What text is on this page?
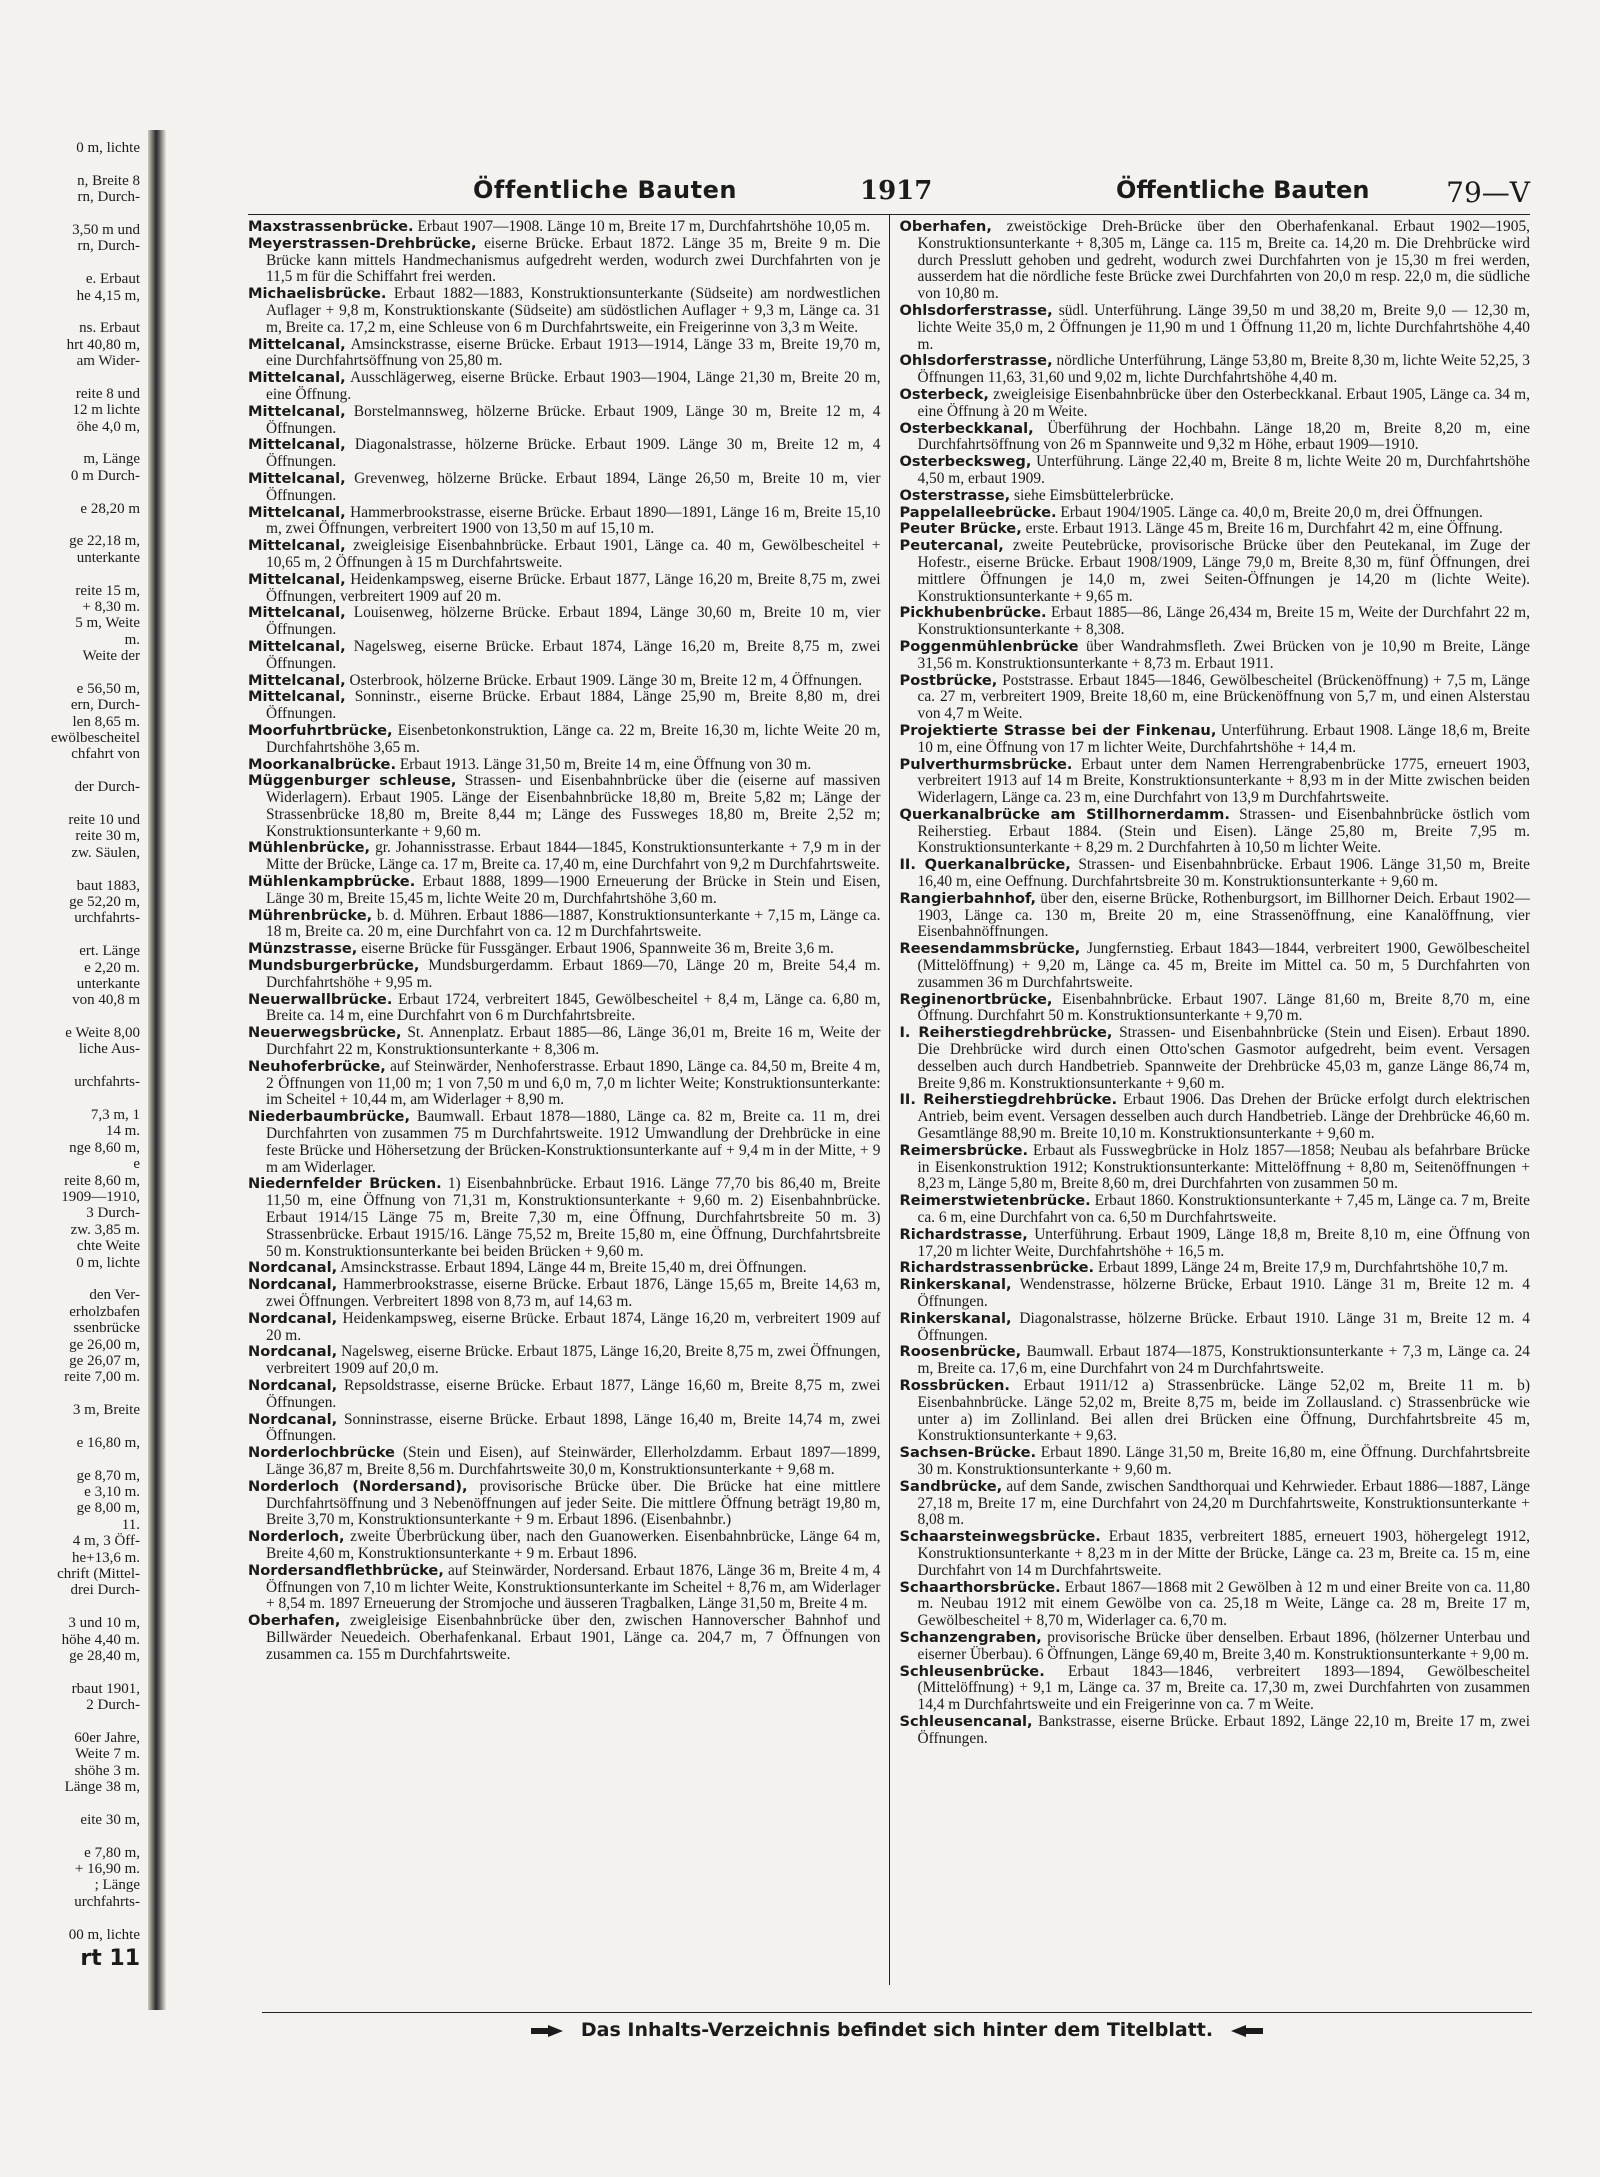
0 m, lichte
n, Breite 8
rn, Durch-
3,50 m und
rn, Durch-
e. Erbaut
he 4,15 m,
ns. Erbaut
hrt 40,80 m,
am Wider-
reite 8 und
12 m lichte
öhe 4,0 m,
m, Länge
0 m Durch-
e 28,20 m
ge 22,18 m,
unterkante
reite 15 m,
+ 8,30 m.
5 m, Weite
m.
Weite der
e 56,50 m,
ern, Durch-
len 8,65 m.
ewölbescheitel
chfahrt von
der Durch-
reite 10 und
reite 30 m,
zw. Säulen,
baut 1883,
ge 52,20 m,
urchfahrts-
ert. Länge
e 2,20 m.
unterkante
von 40,8 m
e Weite 8,00
liche Aus-
urchfahrts-
7,3 m, 1
14 m.
nge 8,60 m,
e
reite 8,60 m,
1909—1910,
3 Durch-
zw. 3,85 m.
chte Weite
0 m, lichte
den Ver-
erholzbafen
ssenbrücke
ge 26,00 m,
ge 26,07 m,
reite 7,00 m.
3 m, Breite
e 16,80 m,
ge 8,70 m,
e 3,10 m.
ge 8,00 m,
11.
4 m, 3 Öff-
he+13,6 m.
chrift (Mittel-
drei Durch-
3 und 10 m,
höhe 4,40 m.
ge 28,40 m,
rbaut 1901,
2 Durch-
60er Jahre,
Weite 7 m.
shöhe 3 m.
Länge 38 m,
eite 30 m,
e 7,80 m,
+ 16,90 m.
; Länge
urchfahrts-
00 m, lichte
rt 11
Öffentliche Bauten	1917	Öffentliche Bauten	79—V

Maxstrassenbrücke. Erbaut 1907—1908. Länge 10 m, Breite 17 m, Durchfahrtshöhe 10,05 m.

Meyerstrassen-Drehbrücke, eiserne Brücke. Erbaut 1872. Länge 35 m, Breite 9 m. Die Brücke kann mittels Handmechanismus aufgedreht werden, wodurch zwei Durchfahrten von je 11,5 m für die Schiffahrt frei werden.

Michaelisbrücke. Erbaut 1882—1883, Konstruktionsunterkante (Südseite) am nordwestlichen Auflager + 9,8 m, Konstruktionskante (Südseite) am südöstlichen Auflager + 9,3 m, Länge ca. 31 m, Breite ca. 17,2 m, eine Schleuse von 6 m Durchfahrtsweite, ein Freigerinne von 3,3 m Weite.

Mittelcanal, Amsinckstrasse, eiserne Brücke. Erbaut 1913—1914, Länge 33 m, Breite 19,70 m, eine Durchfahrtsöffnung von 25,80 m.

Mittelcanal, Ausschlägerweg, eiserne Brücke. Erbaut 1903—1904, Länge 21,30 m, Breite 20 m, eine Öffnung.

Mittelcanal, Borstelmannsweg, hölzerne Brücke. Erbaut 1909, Länge 30 m, Breite 12 m, 4 Öffnungen.

Mittelcanal, Diagonalstrasse, hölzerne Brücke. Erbaut 1909. Länge 30 m, Breite 12 m, 4 Öffnungen.

Mittelcanal, Grevenweg, hölzerne Brücke. Erbaut 1894, Länge 26,50 m, Breite 10 m, vier Öffnungen.

Mittelcanal, Hammerbrookstrasse, eiserne Brücke. Erbaut 1890—1891, Länge 16 m, Breite 15,10 m, zwei Öffnungen, verbreitert 1900 von 13,50 m auf 15,10 m.

Mittelcanal, zweigleisige Eisenbahnbrücke. Erbaut 1901, Länge ca. 40 m, Gewölbescheitel + 10,65 m, 2 Öffnungen à 15 m Durchfahrtsweite.

Mittelcanal, Heidenkampsweg, eiserne Brücke. Erbaut 1877, Länge 16,20 m, Breite 8,75 m, zwei Öffnungen, verbreitert 1909 auf 20 m.

Mittelcanal, Louisenweg, hölzerne Brücke. Erbaut 1894, Länge 30,60 m, Breite 10 m, vier Öffnungen.

Mittelcanal, Nagelsweg, eiserne Brücke. Erbaut 1874, Länge 16,20 m, Breite 8,75 m, zwei Öffnungen.

Mittelcanal, Osterbrook, hölzerne Brücke. Erbaut 1909. Länge 30 m, Breite 12 m, 4 Öffnungen.

Mittelcanal, Sonninstr., eiserne Brücke. Erbaut 1884, Länge 25,90 m, Breite 8,80 m, drei Öffnungen.

Moorfuhrtbrücke, Eisenbetonkonstruktion, Länge ca. 22 m, Breite 16,30 m, lichte Weite 20 m, Durchfahrtshöhe 3,65 m.

Moorkanalbrücke. Erbaut 1913. Länge 31,50 m, Breite 14 m, eine Öffnung von 30 m.

Müggenburger schleuse, Strassen- und Eisenbahnbrücke über die (eiserne auf massiven Widerlagern). Erbaut 1905. Länge der Eisenbahnbrücke 18,80 m, Breite 5,82 m; Länge der Strassenbrücke 18,80 m, Breite 8,44 m; Länge des Fussweges 18,80 m, Breite 2,52 m; Konstruktionsunterkante + 9,60 m.

Mühlenbrücke, gr. Johannisstrasse. Erbaut 1844—1845, Konstruktionsunterkante + 7,9 m in der Mitte der Brücke, Länge ca. 17 m, Breite ca. 17,40 m, eine Durchfahrt von 9,2 m Durchfahrtsweite.

Mühlenkampbrücke. Erbaut 1888, 1899—1900 Erneuerung der Brücke in Stein und Eisen, Länge 30 m, Breite 15,45 m, lichte Weite 20 m, Durchfahrtshöhe 3,60 m.

Mührenbrücke, b. d. Mühren. Erbaut 1886—1887, Konstruktionsunterkante + 7,15 m, Länge ca. 18 m, Breite ca. 20 m, eine Durchfahrt von ca. 12 m Durchfahrtsweite.

Münzstrasse, eiserne Brücke für Fussgänger. Erbaut 1906, Spannweite 36 m, Breite 3,6 m.

Mundsburgerbrücke, Mundsburgerdamm. Erbaut 1869—70, Länge 20 m, Breite 54,4 m. Durchfahrtshöhe + 9,95 m.

Neuerwallbrücke. Erbaut 1724, verbreitert 1845, Gewölbescheitel + 8,4 m, Länge ca. 6,80 m, Breite ca. 14 m, eine Durchfahrt von 6 m Durchfahrtsbreite.

Neuerwegsbrücke, St. Annenplatz. Erbaut 1885—86, Länge 36,01 m, Breite 16 m, Weite der Durchfahrt 22 m, Konstruktionsunterkante + 8,306 m.

Neuhoferbrücke, auf Steinwärder, Nenhoferstrasse. Erbaut 1890, Länge ca. 84,50 m, Breite 4 m, 2 Öffnungen von 11,00 m; 1 von 7,50 m und 6,0 m, 7,0 m lichter Weite; Konstruktionsunterkante: im Scheitel + 10,44 m, am Widerlager + 8,90 m.

Niederbaumbrücke, Baumwall. Erbaut 1878—1880, Länge ca. 82 m, Breite ca. 11 m, drei Durchfahrten von zusammen 75 m Durchfahrtsweite. 1912 Umwandlung der Drehbrücke in eine feste Brücke und Höhersetzung der Brücken-Konstruktionsunterkante auf + 9,4 m in der Mitte, + 9 m am Widerlager.

Niedernfelder Brücken. 1) Eisenbahnbrücke. Erbaut 1916. Länge 77,70 bis 86,40 m, Breite 11,50 m, eine Öffnung von 71,31 m, Konstruktionsunterkante + 9,60 m. 2) Eisenbahnbrücke. Erbaut 1914/15 Länge 75 m, Breite 7,30 m, eine Öffnung, Durchfahrtsbreite 50 m. 3) Strassenbrücke. Erbaut 1915/16. Länge 75,52 m, Breite 15,80 m, eine Öffnung, Durchfahrtsbreite 50 m. Konstruktionsunterkante bei beiden Brücken + 9,60 m.

Nordcanal, Amsinckstrasse. Erbaut 1894, Länge 44 m, Breite 15,40 m, drei Öffnungen.

Nordcanal, Hammerbrookstrasse, eiserne Brücke. Erbaut 1876, Länge 15,65 m, Breite 14,63 m, zwei Öffnungen. Verbreitert 1898 von 8,73 m, auf 14,63 m.

Nordcanal, Heidenkampsweg, eiserne Brücke. Erbaut 1874, Länge 16,20 m, verbreitert 1909 auf 20 m.

Nordcanal, Nagelsweg, eiserne Brücke. Erbaut 1875, Länge 16,20, Breite 8,75 m, zwei Öffnungen, verbreitert 1909 auf 20,0 m.

Nordcanal, Repsoldstrasse, eiserne Brücke. Erbaut 1877, Länge 16,60 m, Breite 8,75 m, zwei Öffnungen.

Nordcanal, Sonninstrasse, eiserne Brücke. Erbaut 1898, Länge 16,40 m, Breite 14,74 m, zwei Öffnungen.

Norderlochbrücke (Stein und Eisen), auf Steinwärder, Ellerholzdamm. Erbaut 1897—1899, Länge 36,87 m, Breite 8,56 m. Durchfahrtsweite 30,0 m, Konstruktionsunterkante + 9,68 m.

Norderloch (Nordersand), provisorische Brücke über. Die Brücke hat eine mittlere Durchfahrtsöffnung und 3 Nebenöffnungen auf jeder Seite. Die mittlere Öffnung beträgt 19,80 m, Breite 3,70 m, Konstruktionsunterkante + 9 m. Erbaut 1896. (Eisenbahnbr.)

Norderloch, zweite Überbrückung über, nach den Guanowerken. Eisenbahnbrücke, Länge 64 m, Breite 4,60 m, Konstruktionsunterkante + 9 m. Erbaut 1896.

Nordersandflethbrücke, auf Steinwärder, Nordersand. Erbaut 1876, Länge 36 m, Breite 4 m, 4 Öffnungen von 7,10 m lichter Weite, Konstruktionsunterkante im Scheitel + 8,76 m, am Widerlager + 8,54 m. 1897 Erneuerung der Stromjoche und äusseren Tragbalken, Länge 31,50 m, Breite 4 m.

Oberhafen, zweigleisige Eisenbahnbrücke über den, zwischen Hannoverscher Bahnhof und Billwärder Neuedeich. Oberhafenkanal. Erbaut 1901, Länge ca. 204,7 m, 7 Öffnungen von zusammen ca. 155 m Durchfahrtsweite.

Oberhafen, zweistöckige Dreh-Brücke über den Oberhafenkanal. Erbaut 1902—1905, Konstruktionsunterkante + 8,305 m, Länge ca. 115 m, Breite ca. 14,20 m. Die Drehbrücke wird durch Presslutt gehoben und gedreht, wodurch zwei Durchfahrten von je 15,30 m frei werden, ausserdem hat die nördliche feste Brücke zwei Durchfahrten von 20,0 m resp. 22,0 m, die südliche von 10,80 m.

Ohlsdorferstrasse, südl. Unterführung. Länge 39,50 m und 38,20 m, Breite 9,0 — 12,30 m, lichte Weite 35,0 m, 2 Öffnungen je 11,90 m und 1 Öffnung 11,20 m, lichte Durchfahrtshöhe 4,40 m.

Ohlsdorferstrasse, nördliche Unterführung, Länge 53,80 m, Breite 8,30 m, lichte Weite 52,25, 3 Öffnungen 11,63, 31,60 und 9,02 m, lichte Durchfahrtshöhe 4,40 m.

Osterbeck, zweigleisige Eisenbahnbrücke über den Osterbeckkanal. Erbaut 1905, Länge ca. 34 m, eine Öffnung à 20 m Weite.

Osterbeckkanal, Überführung der Hochbahn. Länge 18,20 m, Breite 8,20 m, eine Durchfahrtsöffnung von 26 m Spannweite und 9,32 m Höhe, erbaut 1909—1910.

Osterbecksweg, Unterführung. Länge 22,40 m, Breite 8 m, lichte Weite 20 m, Durchfahrtshöhe 4,50 m, erbaut 1909.

Osterstrasse, siehe Eimsbüttelerbrücke.

Pappelalleebrücke. Erbaut 1904/1905. Länge ca. 40,0 m, Breite 20,0 m, drei Öffnungen.

Peuter Brücke, erste. Erbaut 1913. Länge 45 m, Breite 16 m, Durchfahrt 42 m, eine Öffnung.

Peutercanal, zweite Peutebrücke, provisorische Brücke über den Peutekanal, im Zuge der Hofestr., eiserne Brücke. Erbaut 1908/1909, Länge 79,0 m, Breite 8,30 m, fünf Öffnungen, drei mittlere Öffnungen je 14,0 m, zwei Seiten-Öffnungen je 14,20 m (lichte Weite). Konstruktionsunterkante + 9,65 m.

Pickhubenbrücke. Erbaut 1885—86, Länge 26,434 m, Breite 15 m, Weite der Durchfahrt 22 m, Konstruktionsunterkante + 8,308.

Poggenmühlenbrücke über Wandrahmsfleth. Zwei Brücken von je 10,90 m Breite, Länge 31,56 m. Konstruktionsunterkante + 8,73 m. Erbaut 1911.

Postbrücke, Poststrasse. Erbaut 1845—1846, Gewölbescheitel (Brückenöffnung) + 7,5 m, Länge ca. 27 m, verbreitert 1909, Breite 18,60 m, eine Brückenöffnung von 5,7 m, und einen Alsterstau von 4,7 m Weite.

Projektierte Strasse bei der Finkenau, Unterführung. Erbaut 1908. Länge 18,6 m, Breite 10 m, eine Öffnung von 17 m lichter Weite, Durchfahrtshöhe + 14,4 m.

Pulverthurmsbrücke. Erbaut unter dem Namen Herrengrabenbrücke 1775, erneuert 1903, verbreitert 1913 auf 14 m Breite, Konstruktionsunterkante + 8,93 m in der Mitte zwischen beiden Widerlagern, Länge ca. 23 m, eine Durchfahrt von 13,9 m Durchfahrtsweite.

Querkanalbrücke am Stillhornerdamm. Strassen- und Eisenbahnbrücke östlich vom Reiherstieg. Erbaut 1884. (Stein und Eisen). Länge 25,80 m, Breite 7,95 m. Konstruktionsunterkante + 8,29 m. 2 Durchfahrten à 10,50 m lichter Weite.

II. Querkanalbrücke, Strassen- und Eisenbahnbrücke. Erbaut 1906. Länge 31,50 m, Breite 16,40 m, eine Oeffnung. Durchfahrtsbreite 30 m. Konstruktionsunterkante + 9,60 m.

Rangierbahnhof, über den, eiserne Brücke, Rothenburgsort, im Billhorner Deich. Erbaut 1902—1903, Länge ca. 130 m, Breite 20 m, eine Strassenöffnung, eine Kanalöffnung, vier Eisenbahnöffnungen.

Reesendammsbrücke, Jungfernstieg. Erbaut 1843—1844, verbreitert 1900, Gewölbescheitel (Mittelöffnung) + 9,20 m, Länge ca. 45 m, Breite im Mittel ca. 50 m, 5 Durchfahrten von zusammen 36 m Durchfahrtsweite.

Reginenortbrücke, Eisenbahnbrücke. Erbaut 1907. Länge 81,60 m, Breite 8,70 m, eine Öffnung. Durchfahrt 50 m. Konstruktionsunterkante + 9,70 m.

I. Reiherstiegdrehbrücke, Strassen- und Eisenbahnbrücke (Stein und Eisen). Erbaut 1890. Die Drehbrücke wird durch einen Otto'schen Gasmotor aufgedreht, beim event. Versagen desselben auch durch Handbetrieb. Spannweite der Drehbrücke 45,03 m, ganze Länge 86,74 m, Breite 9,86 m. Konstruktionsunterkante + 9,60 m.

II. Reiherstiegdrehbrücke. Erbaut 1906. Das Drehen der Brücke erfolgt durch elektrischen Antrieb, beim event. Versagen desselben auch durch Handbetrieb. Länge der Drehbrücke 46,60 m. Gesamtlänge 88,90 m. Breite 10,10 m. Konstruktionsunterkante + 9,60 m.

Reimersbrücke. Erbaut als Fusswegbrücke in Holz 1857—1858; Neubau als befahrbare Brücke in Eisenkonstruktion 1912; Konstruktionsunterkante: Mittelöffnung + 8,80 m, Seitenöffnungen + 8,23 m, Länge 5,80 m, Breite 8,60 m, drei Durchfahrten von zusammen 50 m.

Reimerstwietenbrücke. Erbaut 1860. Konstruktionsunterkante + 7,45 m, Länge ca. 7 m, Breite ca. 6 m, eine Durchfahrt von ca. 6,50 m Durchfahrtsweite.

Richardstrasse, Unterführung. Erbaut 1909, Länge 18,8 m, Breite 8,10 m, eine Öffnung von 17,20 m lichter Weite, Durchfahrtshöhe + 16,5 m.

Richardstrassenbrücke. Erbaut 1899, Länge 24 m, Breite 17,9 m, Durchfahrtshöhe 10,7 m.

Rinkerskanal, Wendenstrasse, hölzerne Brücke, Erbaut 1910. Länge 31 m, Breite 12 m. 4 Öffnungen.

Rinkerskanal, Diagonalstrasse, hölzerne Brücke. Erbaut 1910. Länge 31 m, Breite 12 m. 4 Öffnungen.

Roosenbrücke, Baumwall. Erbaut 1874—1875, Konstruktionsunterkante + 7,3 m, Länge ca. 24 m, Breite ca. 17,6 m, eine Durchfahrt von 24 m Durchfahrtsweite.

Rossbrücken. Erbaut 1911/12 a) Strassenbrücke. Länge 52,02 m, Breite 11 m. b) Eisenbahnbrücke. Länge 52,02 m, Breite 8,75 m, beide im Zollausland. c) Strassenbrücke wie unter a) im Zollinland. Bei allen drei Brücken eine Öffnung, Durchfahrtsbreite 45 m, Konstruktionsunterkante + 9,63.

Sachsen-Brücke. Erbaut 1890. Länge 31,50 m, Breite 16,80 m, eine Öffnung. Durchfahrtsbreite 30 m. Konstruktionsunterkante + 9,60 m.

Sandbrücke, auf dem Sande, zwischen Sandthorquai und Kehrwieder. Erbaut 1886—1887, Länge 27,18 m, Breite 17 m, eine Durchfahrt von 24,20 m Durchfahrtsweite, Konstruktionsunterkante + 8,08 m.

Schaarsteinwegsbrücke. Erbaut 1835, verbreitert 1885, erneuert 1903, höhergelegt 1912, Konstruktionsunterkante + 8,23 m in der Mitte der Brücke, Länge ca. 23 m, Breite ca. 15 m, eine Durchfahrt von 14 m Durchfahrtsweite.

Schaarthorsbrücke. Erbaut 1867—1868 mit 2 Gewölben à 12 m und einer Breite von ca. 11,80 m. Neubau 1912 mit einem Gewölbe von ca. 25,18 m Weite, Länge ca. 28 m, Breite 17 m, Gewölbescheitel + 8,70 m, Widerlager ca. 6,70 m.

Schanzengraben, provisorische Brücke über denselben. Erbaut 1896, (hölzerner Unterbau und eiserner Überbau). 6 Öffnungen, Länge 69,40 m, Breite 3,40 m. Konstruktionsunterkante + 9,00 m.

Schleusenbrücke. Erbaut 1843—1846, verbreitert 1893—1894, Gewölbescheitel (Mittelöffnung) + 9,1 m, Länge ca. 37 m, Breite ca. 17,30 m, zwei Durchfahrten von zusammen 14,4 m Durchfahrtsweite und ein Freigerinne von ca. 7 m Weite.

Schleusencanal, Bankstrasse, eiserne Brücke. Erbaut 1892, Länge 22,10 m, Breite 17 m, zwei Öffnungen.

Das Inhalts-Verzeichnis befindet sich hinter dem Titelblatt.
